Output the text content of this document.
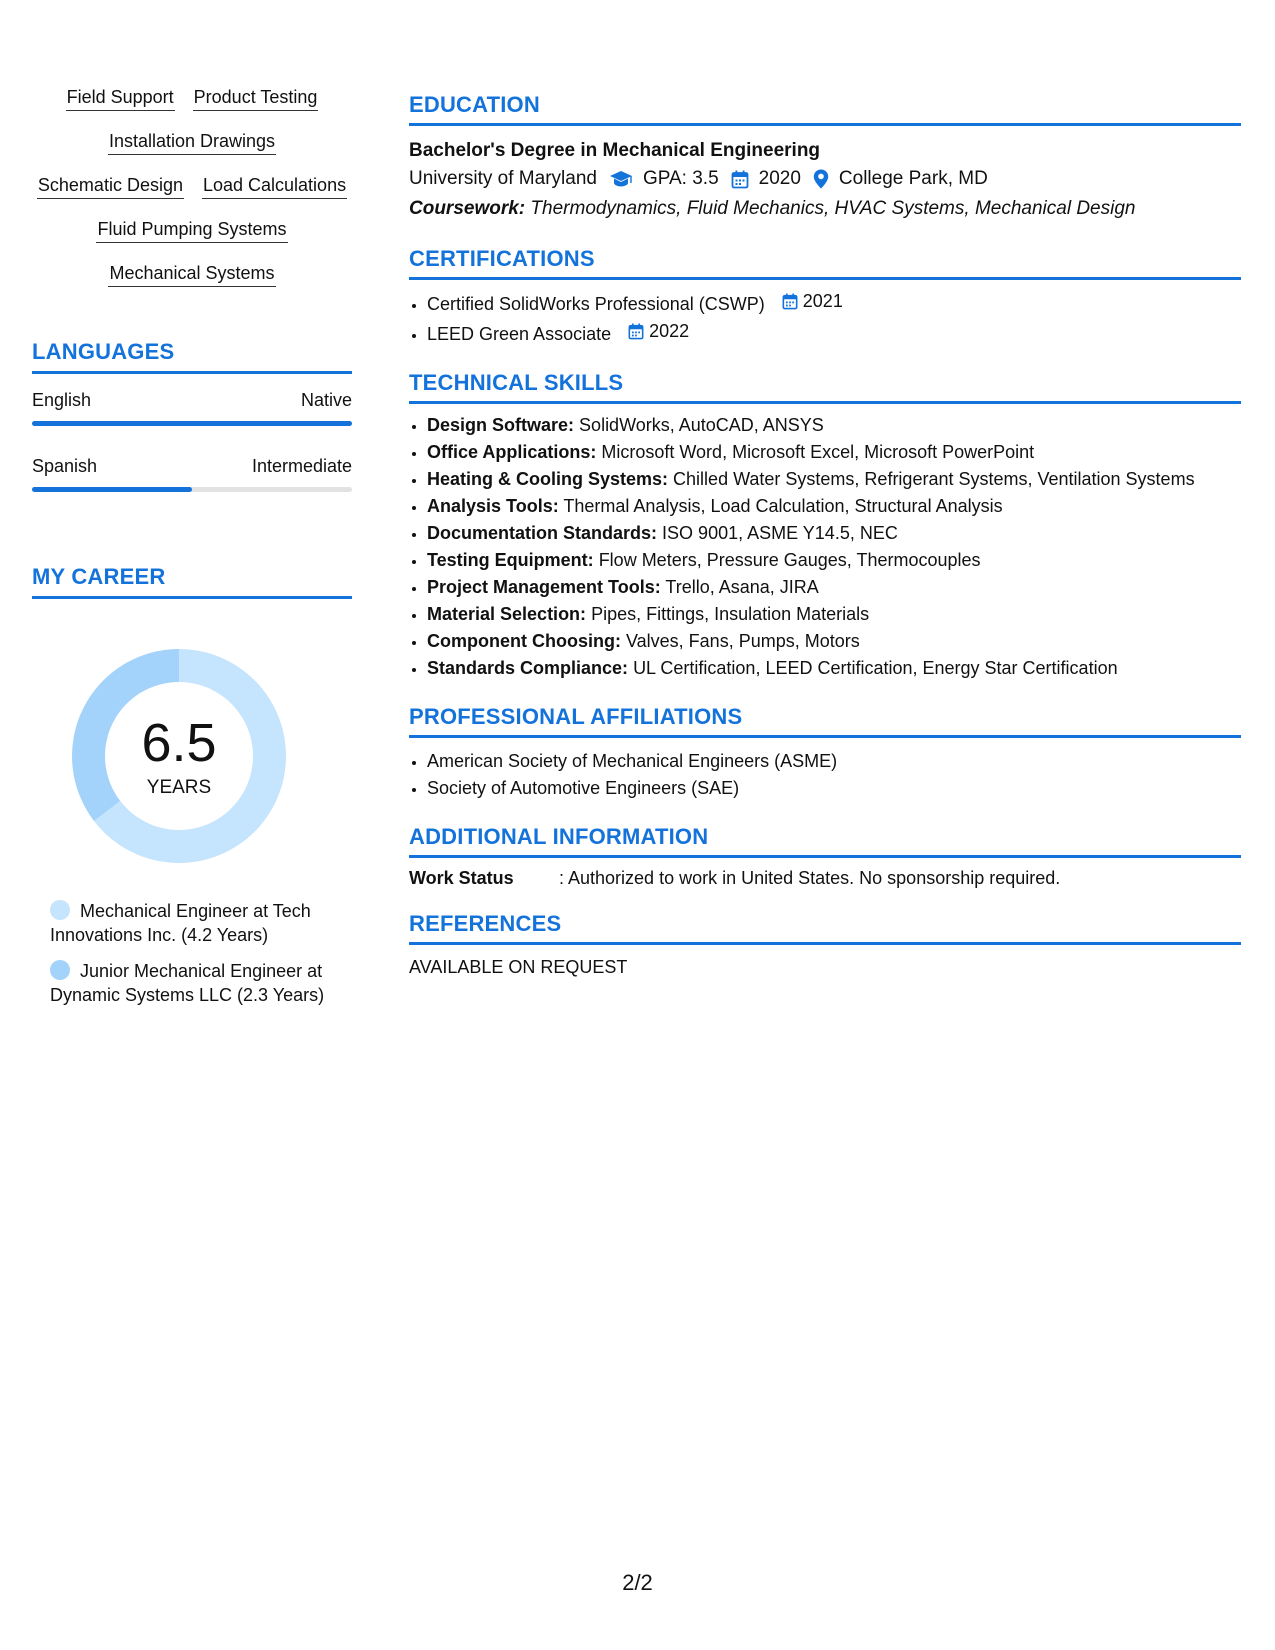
Field Support Product Testing
Installation Drawings
Schematic Design Load Calculations
Fluid Pumping Systems
Mechanical Systems
LANGUAGES
English	Native
Spanish	Intermediate
MY CAREER
6.5
YEARS
Mechanical Engineer at Tech Innovations Inc. (4.2 Years)
Junior Mechanical Engineer at Dynamic Systems LLC (2.3 Years)
EDUCATION
Bachelor's Degree in Mechanical Engineering
University of Maryland GPA: 3.5 2020 College Park, MD
Coursework: Thermodynamics, Fluid Mechanics, HVAC Systems, Mechanical Design
CERTIFICATIONS
• Certified SolidWorks Professional (CSWP) 2021
• LEED Green Associate 2022
TECHNICAL SKILLS
• Design Software: SolidWorks, AutoCAD, ANSYS
• Office Applications: Microsoft Word, Microsoft Excel, Microsoft PowerPoint
• Heating & Cooling Systems: Chilled Water Systems, Refrigerant Systems, Ventilation Systems
• Analysis Tools: Thermal Analysis, Load Calculation, Structural Analysis
• Documentation Standards: ISO 9001, ASME Y14.5, NEC
• Testing Equipment: Flow Meters, Pressure Gauges, Thermocouples
• Project Management Tools: Trello, Asana, JIRA
• Material Selection: Pipes, Fittings, Insulation Materials
• Component Choosing: Valves, Fans, Pumps, Motors
• Standards Compliance: UL Certification, LEED Certification, Energy Star Certification
PROFESSIONAL AFFILIATIONS
• American Society of Mechanical Engineers (ASME)
• Society of Automotive Engineers (SAE)
ADDITIONAL INFORMATION
Work Status	: Authorized to work in United States. No sponsorship required.
REFERENCES
AVAILABLE ON REQUEST
2/2
